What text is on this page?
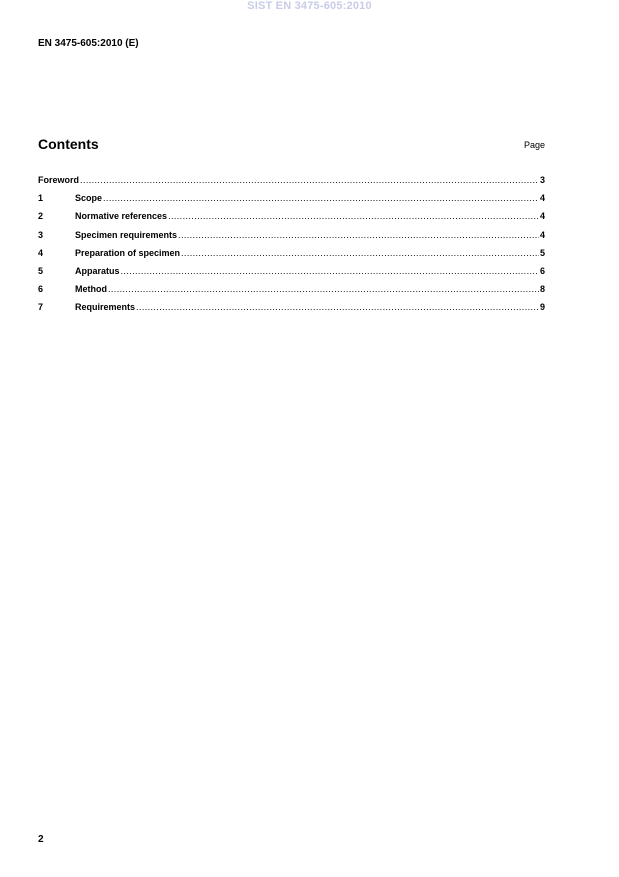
SIST EN 3475-605:2010
EN 3475-605:2010 (E)
Contents	Page
Foreword .....	3
1	Scope .....	4
2	Normative references .....	4
3	Specimen requirements .....	4
4	Preparation of specimen .....	5
5	Apparatus .....	6
6	Method .....	8
7	Requirements .....	9
2
